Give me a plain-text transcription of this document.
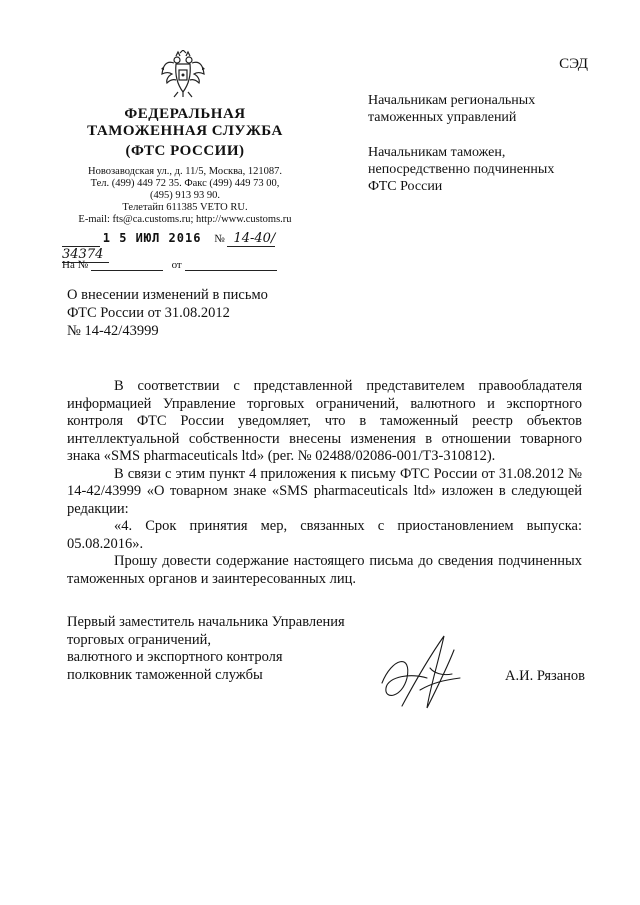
ФЕДЕРАЛЬНАЯ
ТАМОЖЕННАЯ СЛУЖБА
(ФТС РОССИИ)
Новозаводская ул., д. 11/5, Москва, 121087.
Тел. (499) 449 72 35. Факс (499) 449 73 00,
(495) 913 93 90.
Телетайп 611385 VETO RU.
E-mail: fts@ca.customs.ru; http://www.customs.ru
СЭД
1 5 ИЮЛ 2016 № 14-40/ 34374
На №	от
Начальникам региональных
таможенных управлений
Начальникам таможен,
непосредственно подчиненных
ФТС России
О внесении изменений в письмо
ФТС России от 31.08.2012
№ 14-42/43999

В соответствии с представленной представителем правообладателя информацией Управление торговых ограничений, валютного и экспортного контроля ФТС России уведомляет, что в таможенный реестр объектов интеллектуальной собственности внесены изменения в отношении товарного знака «SMS pharmaceuticals ltd» (рег. № 02488/02086-001/ТЗ-310812).

В связи с этим пункт 4 приложения к письму ФТС России от 31.08.2012 № 14-42/43999 «О товарном знаке «SMS pharmaceuticals ltd» изложен в следующей редакции:

«4. Срок принятия мер, связанных с приостановлением выпуска: 05.08.2016».

Прошу довести содержание настоящего письма до сведения подчиненных таможенных органов и заинтересованных лиц.

Первый заместитель начальника Управления
торговых ограничений,
валютного и экспортного контроля
полковник таможенной службы	А.И. Рязанов
